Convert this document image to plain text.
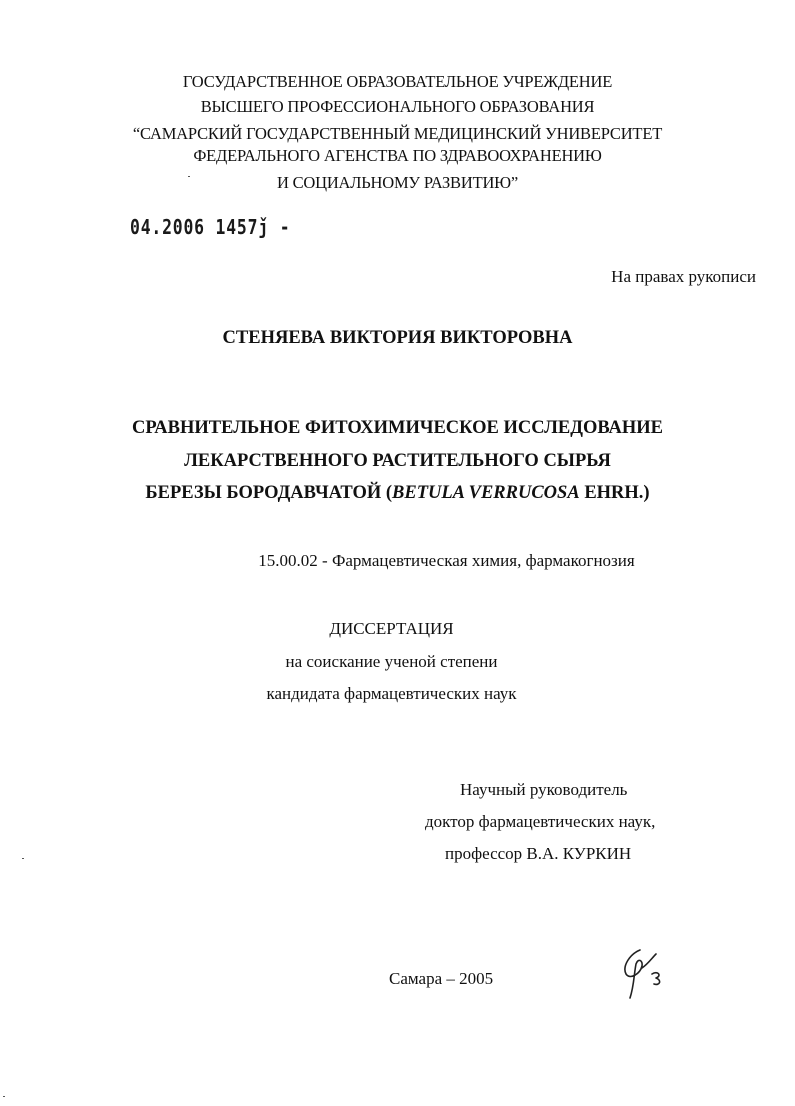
ГОСУДАРСТВЕННОЕ ОБРАЗОВАТЕЛЬНОЕ УЧРЕЖДЕНИЕ
ВЫСШЕГО ПРОФЕССИОНАЛЬНОГО ОБРАЗОВАНИЯ
“САМАРСКИЙ ГОСУДАРСТВЕННЫЙ МЕДИЦИНСКИЙ УНИВЕРСИТЕТ
ФЕДЕРАЛЬНОГО АГЕНСТВА ПО ЗДРАВООХРАНЕНИЮ
И СОЦИАЛЬНОМУ РАЗВИТИЮ”
04.2006 1457ǰ -
На правах рукописи
СТЕНЯЕВА ВИКТОРИЯ ВИКТОРОВНА
СРАВНИТЕЛЬНОЕ ФИТОХИМИЧЕСКОЕ ИССЛЕДОВАНИЕ
ЛЕКАРСТВЕННОГО РАСТИТЕЛЬНОГО СЫРЬЯ
БЕРЕЗЫ БОРОДАВЧАТОЙ (BETULA VERRUCOSA EHRH.)
15.00.02 - Фармацевтическая химия, фармакогнозия
ДИССЕРТАЦИЯ
на соискание ученой степени
кандидата фармацевтических наук
Научный руководитель
доктор фармацевтических наук,
профессор В.А. КУРКИН
Самара – 2005
